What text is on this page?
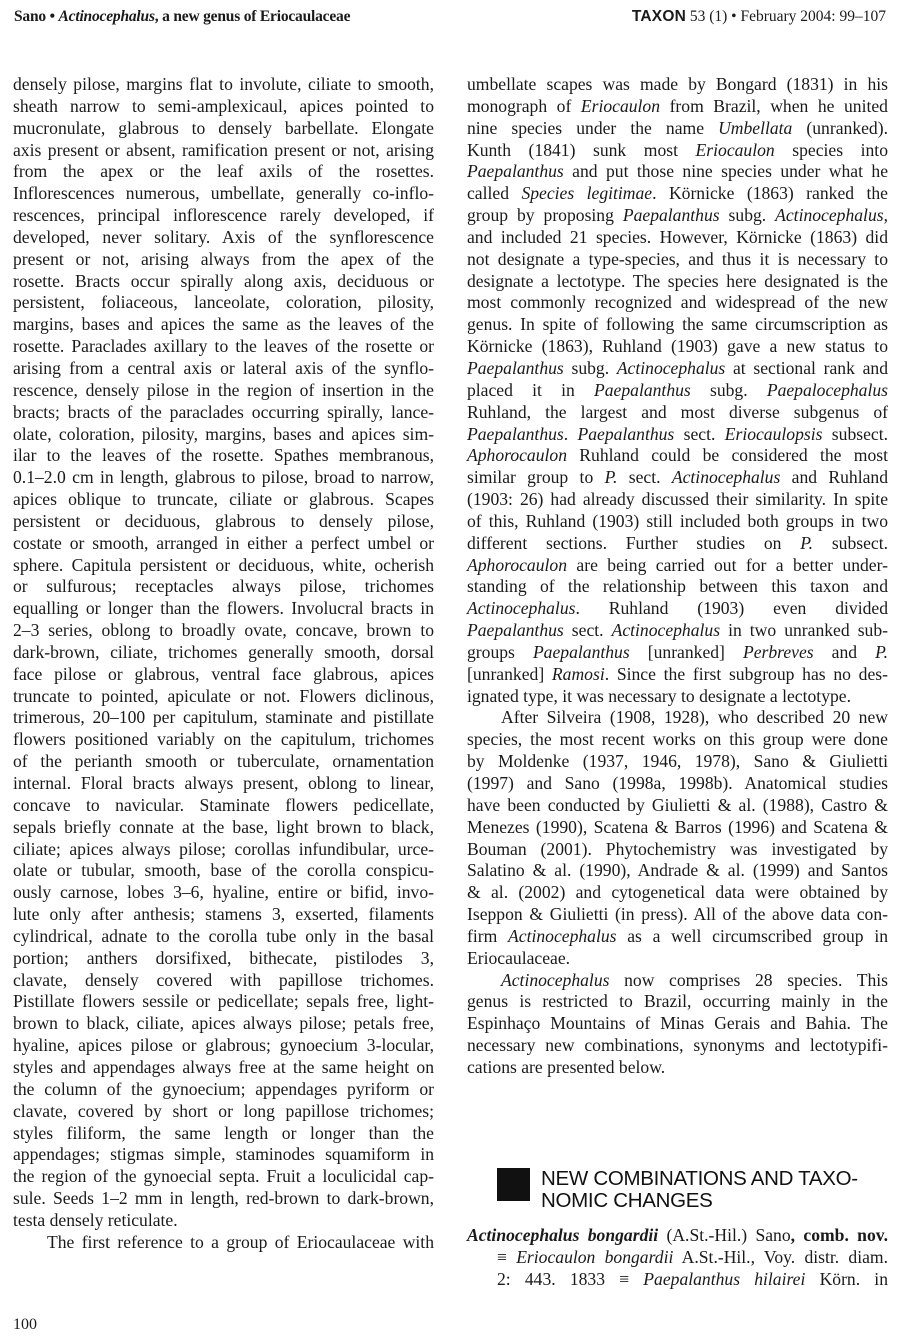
Sano • Actinocephalus, a new genus of Eriocaulaceae	TAXON 53 (1) • February 2004: 99–107
densely pilose, margins flat to involute, ciliate to smooth,
sheath narrow to semi-amplexicaul, apices pointed to
mucronulate, glabrous to densely barbellate. Elongate
axis present or absent, ramification present or not, arising
from the apex or the leaf axils of the rosettes.
Inflorescences numerous, umbellate, generally co-inflo-
rescences, principal inflorescence rarely developed, if
developed, never solitary. Axis of the synflorescence
present or not, arising always from the apex of the
rosette. Bracts occur spirally along axis, deciduous or
persistent, foliaceous, lanceolate, coloration, pilosity,
margins, bases and apices the same as the leaves of the
rosette. Paraclades axillary to the leaves of the rosette or
arising from a central axis or lateral axis of the synflo-
rescence, densely pilose in the region of insertion in the
bracts; bracts of the paraclades occurring spirally, lance-
olate, coloration, pilosity, margins, bases and apices sim-
ilar to the leaves of the rosette. Spathes membranous,
0.1–2.0 cm in length, glabrous to pilose, broad to narrow,
apices oblique to truncate, ciliate or glabrous. Scapes
persistent or deciduous, glabrous to densely pilose,
costate or smooth, arranged in either a perfect umbel or
sphere. Capitula persistent or deciduous, white, ocherish
or sulfurous; receptacles always pilose, trichomes
equalling or longer than the flowers. Involucral bracts in
2–3 series, oblong to broadly ovate, concave, brown to
dark-brown, ciliate, trichomes generally smooth, dorsal
face pilose or glabrous, ventral face glabrous, apices
truncate to pointed, apiculate or not. Flowers diclinous,
trimerous, 20–100 per capitulum, staminate and pistillate
flowers positioned variably on the capitulum, trichomes
of the perianth smooth or tuberculate, ornamentation
internal. Floral bracts always present, oblong to linear,
concave to navicular. Staminate flowers pedicellate,
sepals briefly connate at the base, light brown to black,
ciliate; apices always pilose; corollas infundibular, urce-
olate or tubular, smooth, base of the corolla conspicu-
ously carnose, lobes 3–6, hyaline, entire or bifid, invo-
lute only after anthesis; stamens 3, exserted, filaments
cylindrical, adnate to the corolla tube only in the basal
portion; anthers dorsifixed, bithecate, pistilodes 3,
clavate, densely covered with papillose trichomes.
Pistillate flowers sessile or pedicellate; sepals free, light-
brown to black, ciliate, apices always pilose; petals free,
hyaline, apices pilose or glabrous; gynoecium 3-locular,
styles and appendages always free at the same height on
the column of the gynoecium; appendages pyriform or
clavate, covered by short or long papillose trichomes;
styles filiform, the same length or longer than the
appendages; stigmas simple, staminodes squamiform in
the region of the gynoecial septa. Fruit a loculicidal cap-
sule. Seeds 1–2 mm in length, red-brown to dark-brown,
testa densely reticulate.
The first reference to a group of Eriocaulaceae with
umbellate scapes was made by Bongard (1831) in his
monograph of Eriocaulon from Brazil, when he united
nine species under the name Umbellata (unranked).
Kunth (1841) sunk most Eriocaulon species into
Paepalanthus and put those nine species under what he
called Species legitimae. Körnicke (1863) ranked the
group by proposing Paepalanthus subg. Actinocephalus,
and included 21 species. However, Körnicke (1863) did
not designate a type-species, and thus it is necessary to
designate a lectotype. The species here designated is the
most commonly recognized and widespread of the new
genus. In spite of following the same circumscription as
Körnicke (1863), Ruhland (1903) gave a new status to
Paepalanthus subg. Actinocephalus at sectional rank and
placed it in Paepalanthus subg. Paepalocephalus
Ruhland, the largest and most diverse subgenus of
Paepalanthus. Paepalanthus sect. Eriocaulopsis subsect.
Aphorocaulon Ruhland could be considered the most
similar group to P. sect. Actinocephalus and Ruhland
(1903: 26) had already discussed their similarity. In spite
of this, Ruhland (1903) still included both groups in two
different sections. Further studies on P. subsect.
Aphorocaulon are being carried out for a better under-
standing of the relationship between this taxon and
Actinocephalus. Ruhland (1903) even divided
Paepalanthus sect. Actinocephalus in two unranked sub-
groups Paepalanthus [unranked] Perbreves and P.
[unranked] Ramosi. Since the first subgroup has no des-
ignated type, it was necessary to designate a lectotype.
After Silveira (1908, 1928), who described 20 new
species, the most recent works on this group were done
by Moldenke (1937, 1946, 1978), Sano & Giulietti
(1997) and Sano (1998a, 1998b). Anatomical studies
have been conducted by Giulietti & al. (1988), Castro &
Menezes (1990), Scatena & Barros (1996) and Scatena &
Bouman (2001). Phytochemistry was investigated by
Salatino & al. (1990), Andrade & al. (1999) and Santos
& al. (2002) and cytogenetical data were obtained by
Iseppon & Giulietti (in press). All of the above data con-
firm Actinocephalus as a well circumscribed group in
Eriocaulaceae.
Actinocephalus now comprises 28 species. This
genus is restricted to Brazil, occurring mainly in the
Espinhaço Mountains of Minas Gerais and Bahia. The
necessary new combinations, synonyms and lectotypifi-
cations are presented below.
NEW COMBINATIONS AND TAXO-
NOMIC CHANGES
Actinocephalus bongardii (A.St.-Hil.) Sano, comb. nov.
≡ Eriocaulon bongardii A.St.-Hil., Voy. distr. diam.
2: 443. 1833 ≡ Paepalanthus hilairei Körn. in
100
